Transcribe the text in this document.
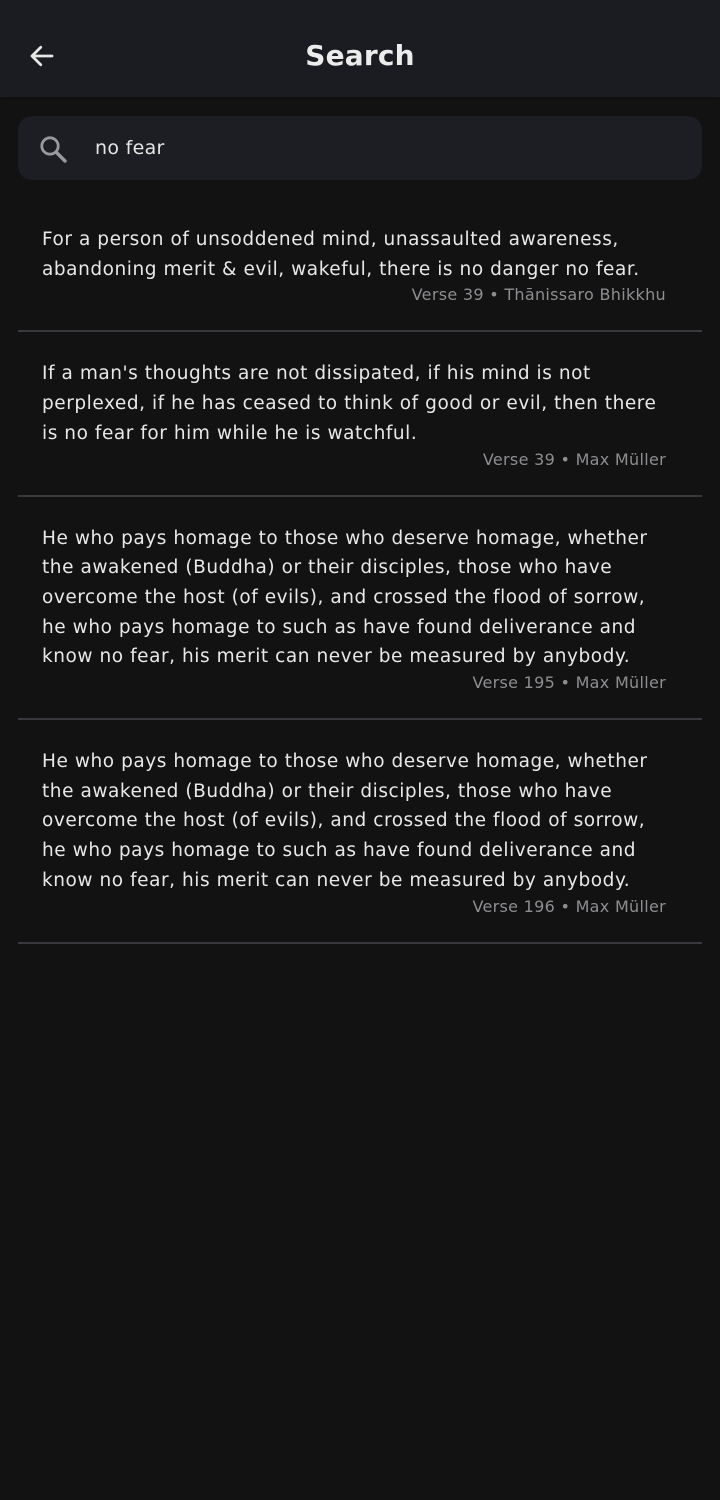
Search
no fear

For a person of unsoddened mind, unassaulted awareness, abandoning merit & evil, wakeful, there is no danger no fear.

Verse 39 • Thānissaro Bhikkhu

If a man's thoughts are not dissipated, if his mind is not perplexed, if he has ceased to think of good or evil, then there is no fear for him while he is watchful.

Verse 39 • Max Müller

He who pays homage to those who deserve homage, whether the awakened (Buddha) or their disciples, those who have overcome the host (of evils), and crossed the flood of sorrow, he who pays homage to such as have found deliverance and know no fear, his merit can never be measured by anybody.

Verse 195 • Max Müller

He who pays homage to those who deserve homage, whether the awakened (Buddha) or their disciples, those who have overcome the host (of evils), and crossed the flood of sorrow, he who pays homage to such as have found deliverance and know no fear, his merit can never be measured by anybody.

Verse 196 • Max Müller
